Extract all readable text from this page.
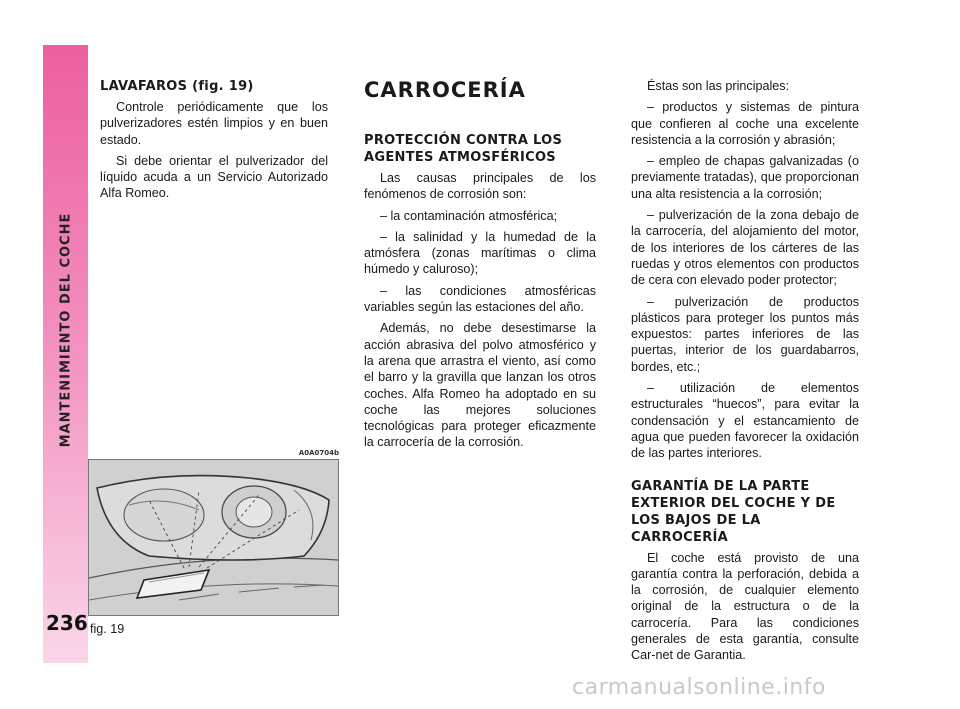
MANTENIMIENTO DEL COCHE
236
LAVAFAROS (fig. 19)

Controle periódicamente que los pulverizadores estén limpios y en buen estado.

Si debe orientar el pulverizador del líquido acuda a un Servicio Autorizado Alfa Romeo.

A0A0704b
fig. 19
CARROCERÍA
PROTECCIÓN CONTRA LOS AGENTES ATMOSFÉRICOS

Las causas principales de los fenómenos de corrosión son:

– la contaminación atmosférica;

– la salinidad y la humedad de la atmósfera (zonas marítimas o clima húmedo y caluroso);

– las condiciones atmosféricas variables según las estaciones del año.

Además, no debe desestimarse la acción abrasiva del polvo atmosférico y la arena que arrastra el viento, así como el barro y la gravilla que lanzan los otros coches. Alfa Romeo ha adoptado en su coche las mejores soluciones tecnológicas para proteger eficazmente la carrocería de la corrosión.

Éstas son las principales:

– productos y sistemas de pintura que confieren al coche una excelente resistencia a la corrosión y abrasión;

– empleo de chapas galvanizadas (o previamente tratadas), que proporcionan una alta resistencia a la corrosión;

– pulverización de la zona debajo de la carrocería, del alojamiento del motor, de los interiores de los cárteres de las ruedas y otros elementos con productos de cera con elevado poder protector;

– pulverización de productos plásticos para proteger los puntos más expuestos: partes inferiores de las puertas, interior de los guardabarros, bordes, etc.;

– utilización de elementos estructurales “huecos”, para evitar la condensación y el estancamiento de agua que pueden favorecer la oxidación de las partes interiores.

GARANTÍA DE LA PARTE EXTERIOR DEL COCHE Y DE LOS BAJOS DE LA CARROCERÍA

El coche está provisto de una garantía contra la perforación, debida a la corrosión, de cualquier elemento original de la estructura o de la carrocería. Para las condiciones generales de esta garantía, consulte Car-net de Garantia.

carmanualsonline.info
